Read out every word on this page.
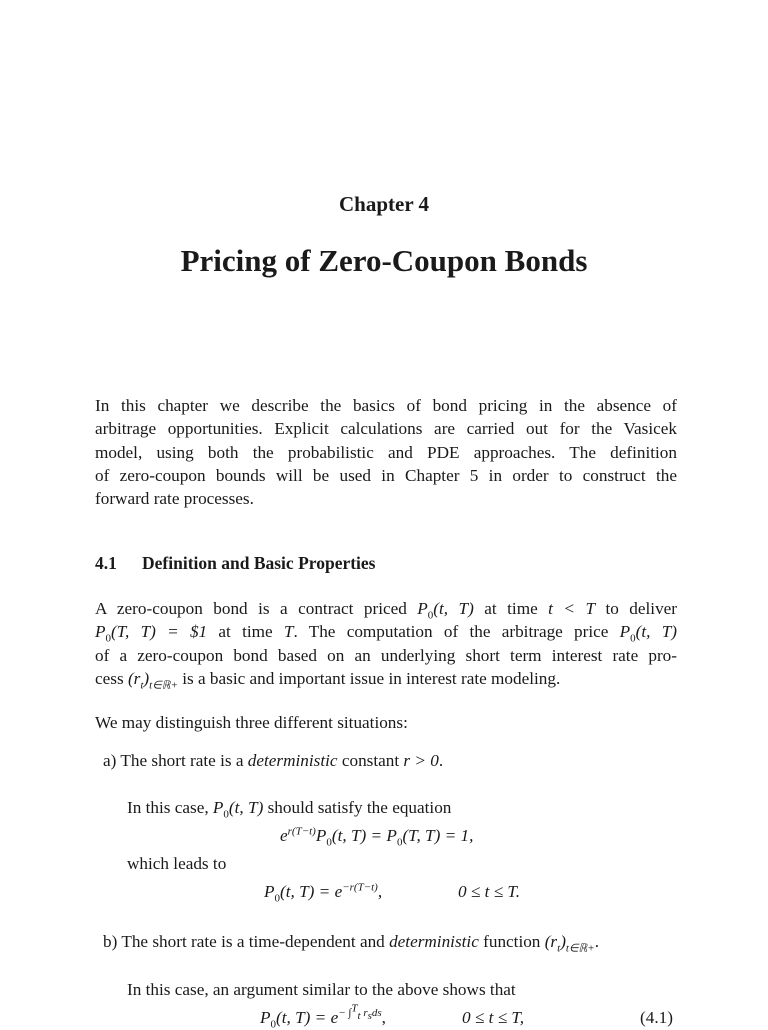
Chapter 4
Pricing of Zero-Coupon Bonds
In this chapter we describe the basics of bond pricing in the absence of
arbitrage opportunities. Explicit calculations are carried out for the Vasicek
model, using both the probabilistic and PDE approaches. The definition
of zero-coupon bounds will be used in Chapter 5 in order to construct the
forward rate processes.
4.1 Definition and Basic Properties
A zero-coupon bond is a contract priced $P_0(t$, T) at time t < T to deliver
$P_0(T$, T) = $1 at time T. The computation of the arbitrage price $P_0(t$, T)
of a zero-coupon bond based on an underlying short term interest rate pro-
cess $(r_t)_{t\in ℝ+}$ is a basic and important issue in interest rate modeling.
We may distinguish three different situations:
a) The short rate is a deterministic constant r > 0.
In this case, $P_0(t$, T) should satisfy the equation
$e^{r(T-t)}P_0(t$, $T) = P_0(T$, T) = 1,
which leads to
$P_0(t$, $T) = e^{-r(T-t)}$,	0 ≤ t ≤ T.
b) The short rate is a time-dependent and deterministic function $(r_t)_{t\in ℝ+}$.
In this case, an argument similar to the above shows that
$P_0(t$, $T) = e^{- \int^T_t r_sds}$,	0 ≤ t ≤ T,	(4.1)
